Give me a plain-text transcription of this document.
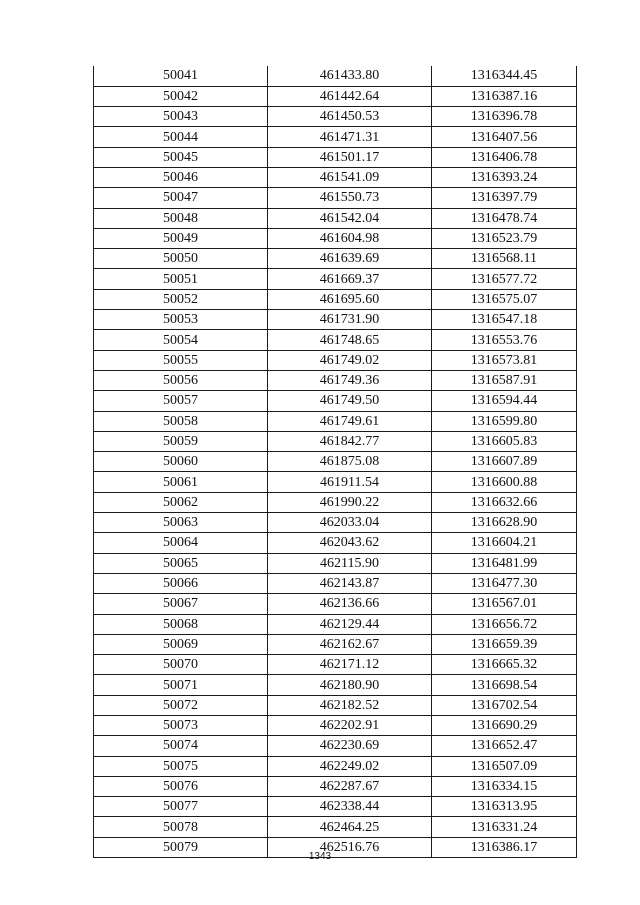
50041	461433.80	1316344.45
50042	461442.64	1316387.16
50043	461450.53	1316396.78
50044	461471.31	1316407.56
50045	461501.17	1316406.78
50046	461541.09	1316393.24
50047	461550.73	1316397.79
50048	461542.04	1316478.74
50049	461604.98	1316523.79
50050	461639.69	1316568.11
50051	461669.37	1316577.72
50052	461695.60	1316575.07
50053	461731.90	1316547.18
50054	461748.65	1316553.76
50055	461749.02	1316573.81
50056	461749.36	1316587.91
50057	461749.50	1316594.44
50058	461749.61	1316599.80
50059	461842.77	1316605.83
50060	461875.08	1316607.89
50061	461911.54	1316600.88
50062	461990.22	1316632.66
50063	462033.04	1316628.90
50064	462043.62	1316604.21
50065	462115.90	1316481.99
50066	462143.87	1316477.30
50067	462136.66	1316567.01
50068	462129.44	1316656.72
50069	462162.67	1316659.39
50070	462171.12	1316665.32
50071	462180.90	1316698.54
50072	462182.52	1316702.54
50073	462202.91	1316690.29
50074	462230.69	1316652.47
50075	462249.02	1316507.09
50076	462287.67	1316334.15
50077	462338.44	1316313.95
50078	462464.25	1316331.24
50079	462516.76	1316386.17
1343
